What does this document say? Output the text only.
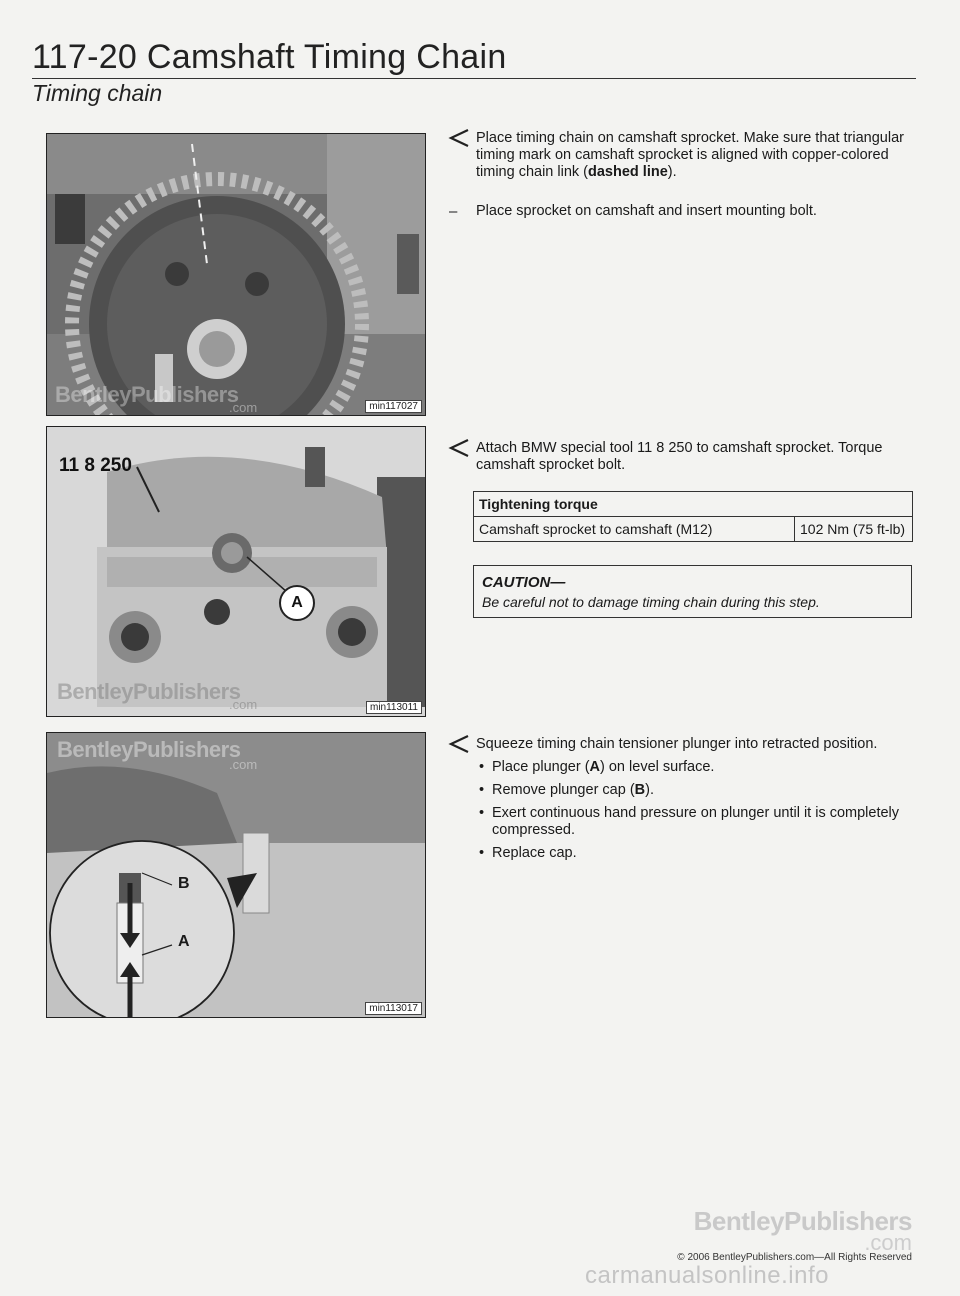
117-20 Camshaft Timing Chain
Timing chain
BentleyPublishers
.com	min117027
11 8 250
A
BentleyPublishers
.com	min113011
B
A
BentleyPublishers
.com
min113017
Place timing chain on camshaft sprocket. Make sure that triangular timing mark on camshaft sprocket is aligned with copper-colored timing chain link (dashed line).
– Place sprocket on camshaft and insert mounting bolt.
Attach BMW special tool 11 8 250 to camshaft sprocket. Torque camshaft sprocket bolt.
Tightening torque
Camshaft sprocket to camshaft (M12)	102 Nm (75 ft-lb)
CAUTION—
Be careful not to damage timing chain during this step.
Squeeze timing chain tensioner plunger into retracted position.
• Place plunger (A) on level surface.
• Remove plunger cap (B).
• Exert continuous hand pressure on plunger until it is completely compressed.
• Replace cap.
BentleyPublishers
.com
© 2006 BentleyPublishers.com—All Rights Reserved
carmanualsonline.info
